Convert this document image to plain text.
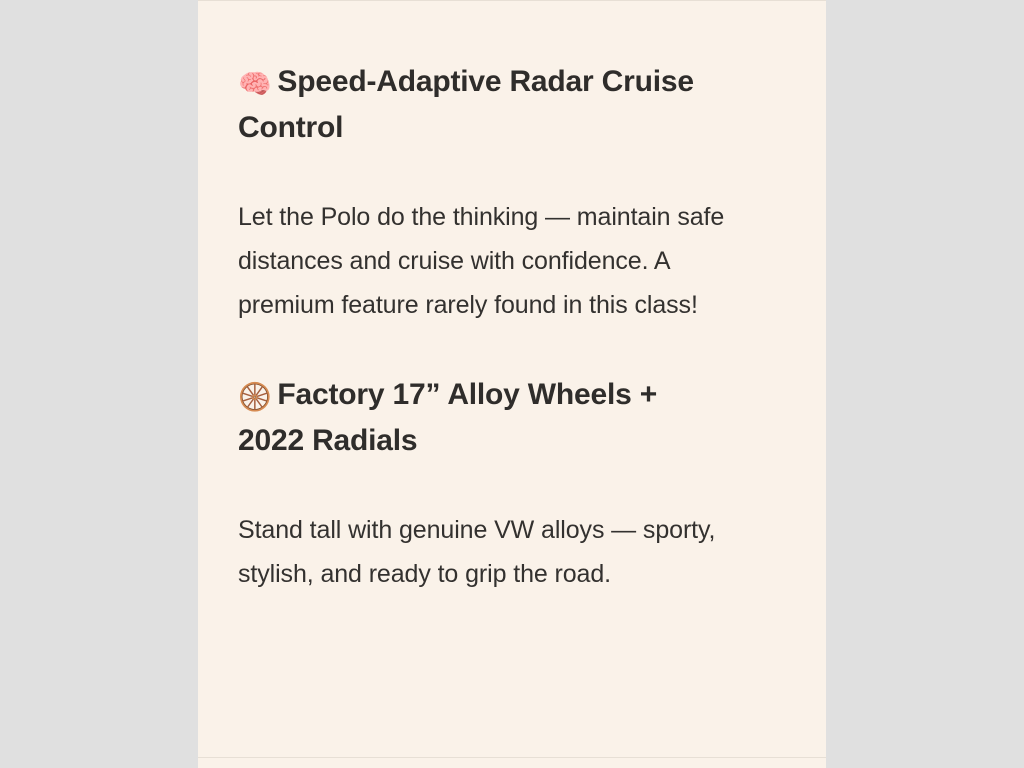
🧠 Speed-Adaptive Radar Cruise Control

Let the Polo do the thinking — maintain safe distances and cruise with confidence. A premium feature rarely found in this class!

🛞 Factory 17” Alloy Wheels + 2022 Radials

Stand tall with genuine VW alloys — sporty, stylish, and ready to grip the road.
